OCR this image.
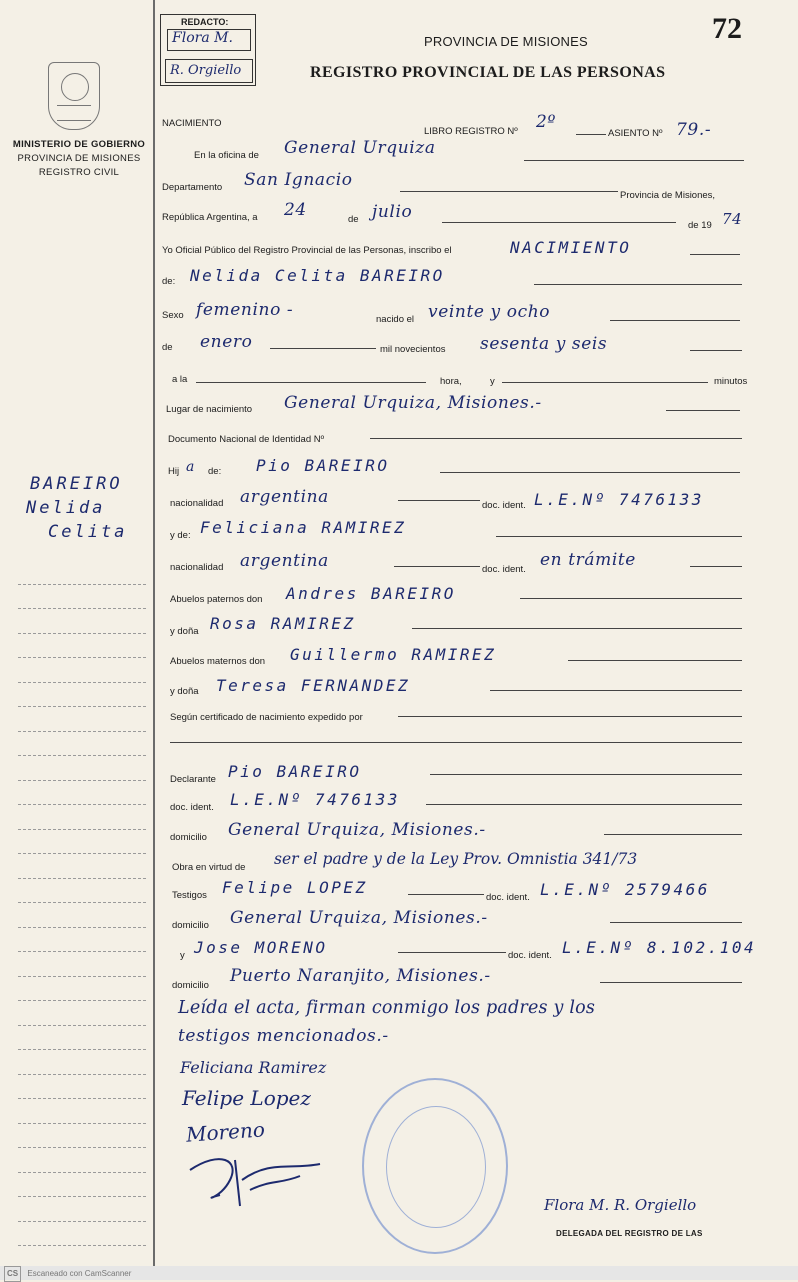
MINISTERIO DE GOBIERNO
PROVINCIA DE MISIONES
REGISTRO CIVIL
BAREIRO
Nelida
Celita
REDACTO:
Flora M.
R. Orgiello
PROVINCIA DE MISIONES
REGISTRO PROVINCIAL DE LAS PERSONAS
72
NACIMIENTO
LIBRO REGISTRO Nº 2º
ASIENTO Nº 79.-
En la oficina de General Urquiza
Departamento San Ignacio
Provincia de Misiones,
República Argentina, a 24	de julio
de 19 74
Yo Oficial Público del Registro Provincial de las Personas, inscribo el	NACIMIENTO
de: Nelida Celita BAREIRO
Sexo femenino -	nacido el veinte y ocho
de enero	mil novecientos sesenta y seis
a la	hora,	y	minutos
Lugar de nacimiento General Urquiza, Misiones.-
Documento Nacional de Identidad Nº
Hij a de: Pio BAREIRO
nacionalidad argentina	doc. ident. L.E.Nº 7476133
y de: Feliciana RAMIREZ
nacionalidad argentina	doc. ident. en trámite
Abuelos paternos don Andres BAREIRO
y doña Rosa RAMIREZ
Abuelos maternos don Guillermo RAMIREZ
y doña Teresa FERNANDEZ
Según certificado de nacimiento expedido por
Declarante Pio BAREIRO
doc. ident. L.E.Nº 7476133
domicilio General Urquiza, Misiones.-
Obra en virtud de ser el padre y de la Ley Prov. Omnistia 341/73
Testigos Felipe LOPEZ
doc. ident. L.E.Nº 2579466
domicilio General Urquiza, Misiones.-
y Jose MORENO	doc. ident. L.E.Nº 8.102.104
domicilio Puerto Naranjito, Misiones.-
Leída el acta, firman conmigo los padres y los
testigos mencionados.-
Feliciana Ramirez
Felipe Lopez
Moreno
Flora M. R. Orgiello
DELEGADA DEL REGISTRO DE LAS
CS Escaneado con CamScanner
